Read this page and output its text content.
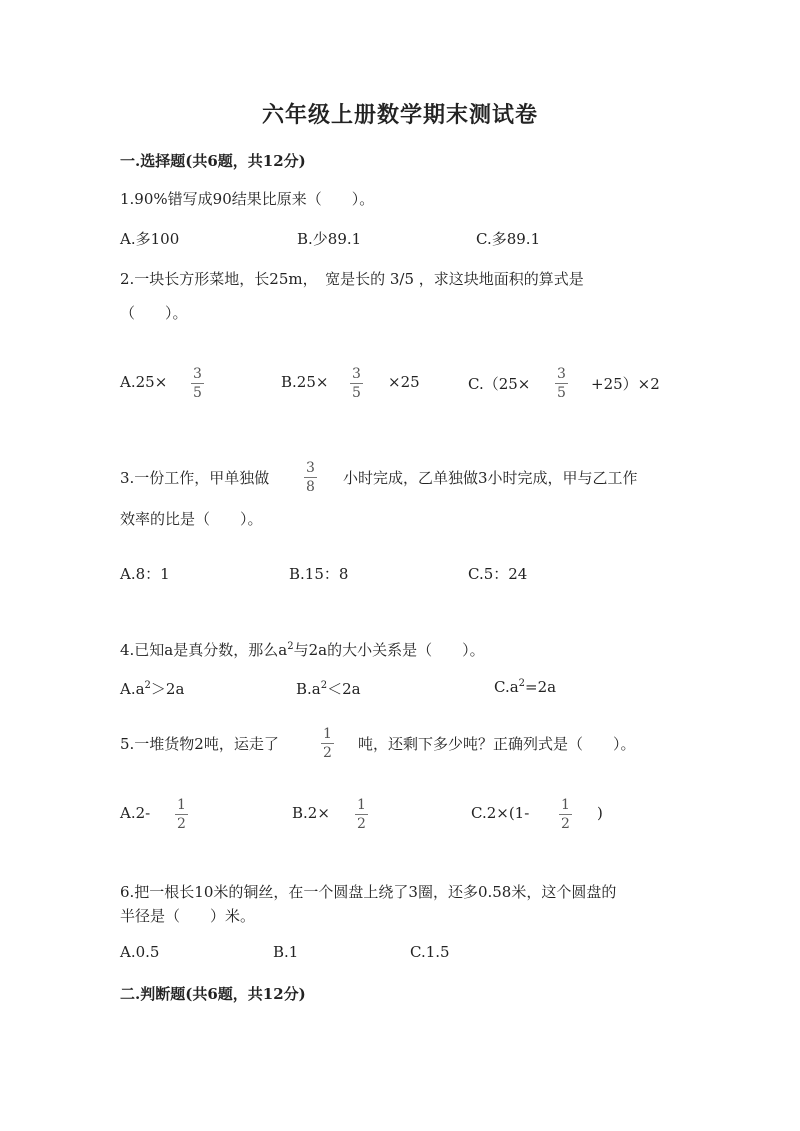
六年级上册数学期末测试卷
一.选择题(共6题，共12分)
1.90%错写成90结果比原来（　　）。
A.多100	B.少89.1	C.多89.1
2.一块长方形菜地，长25m，　宽是长的 3/5 ，求这块地面积的算式是
（　　）。
A.25× 3
5
B.25× 3
5
×25	C.（25×
3
5 +25）×2
3.一份工作，甲单独做
3
8 小时完成，乙单独做3小时完成，甲与乙工作
效率的比是（　　）。
A.8：1	B.15：8	C.5：24
4.已知a是真分数，那么$a^2$与2a的大小关系是（　　）。
$A.a^2>2a$	$B.a^2<2a$	$C.a^2=2a$
5.一堆货物2吨，运走了
1
2 吨，还剩下多少吨？正确列式是（　　）。
A.2- 1
2
B.2× 1
2
C.2×(1- 1
2
)
6.把一根长10米的铜丝，在一个圆盘上绕了3圈，还多0.58米，这个圆盘的
半径是（　　）米。
A.0.5	B.1	C.1.5
二.判断题(共6题，共12分)
